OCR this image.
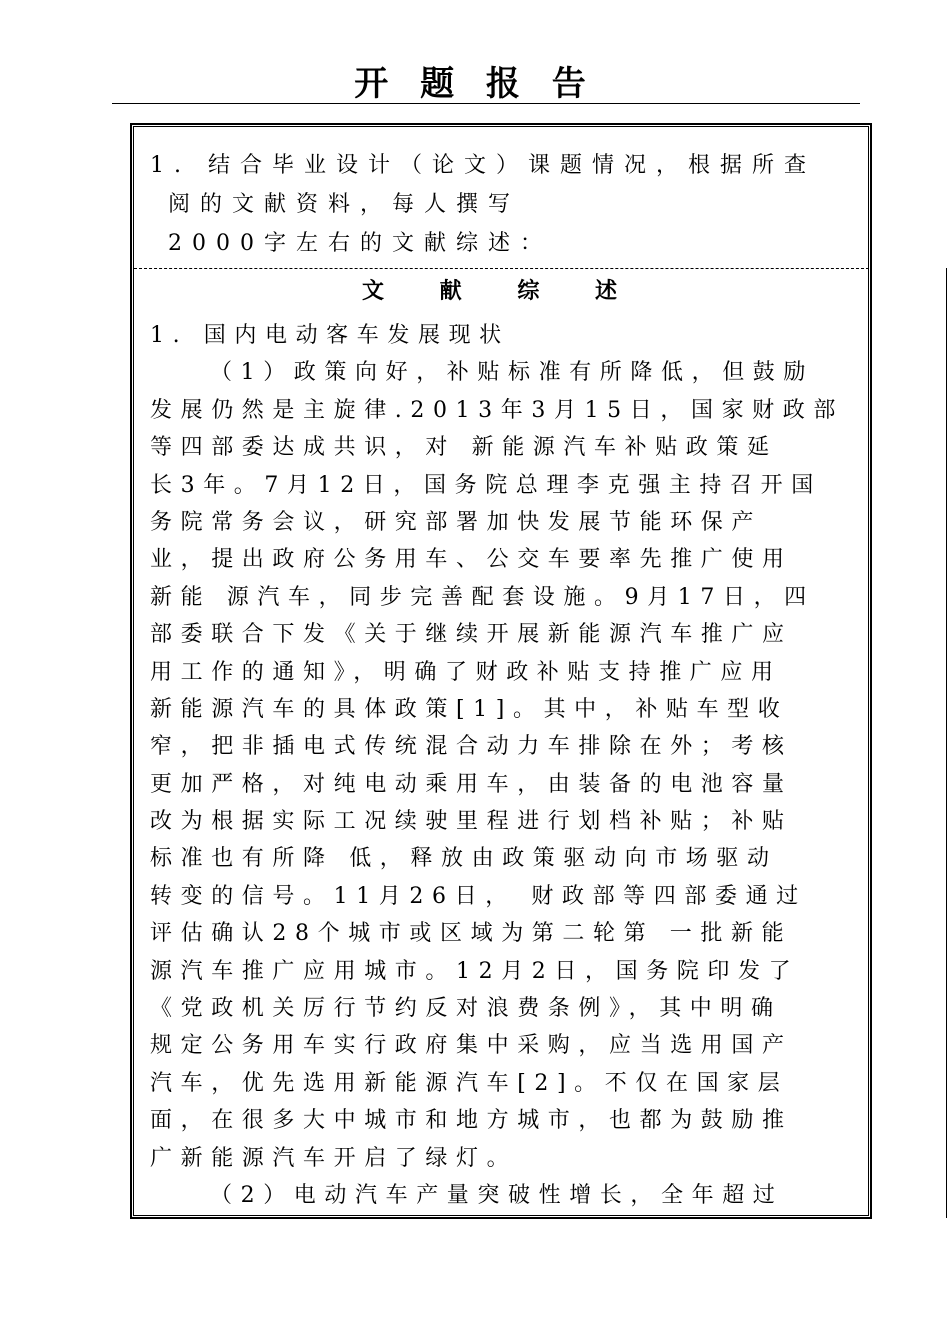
开 题 报 告
1. 结合毕业设计（论文）课题情况，根据所查
阅的文献资料，每人撰写
2000字左右的文献综述：
文 献 综 述
1. 国内电动客车发展现状
（1）政策向好，补贴标准有所降低，但鼓励
发展仍然是主旋律.2013年3月15日，国家财政部
等四部委达成共识，对 新能源汽车补贴政策延
长3年。7月12日，国务院总理李克强主持召开国
务院常务会议，研究部署加快发展节能环保产
业，提出政府公务用车、公交车要率先推广使用
新能 源汽车，同步完善配套设施。9月17日，四
部委联合下发《关于继续开展新能源汽车推广应
用工作的通知》，明确了财政补贴支持推广应用
新能源汽车的具体政策[1]。其中，补贴车型收
窄，把非插电式传统混合动力车排除在外；考核
更加严格，对纯电动乘用车，由装备的电池容量
改为根据实际工况续驶里程进行划档补贴；补贴
标准也有所降 低，释放由政策驱动向市场驱动
转变的信号。11月26日， 财政部等四部委通过
评估确认28个城市或区域为第二轮第 一批新能
源汽车推广应用城市。12月2日，国务院印发了
《党政机关厉行节约反对浪费条例》，其中明确
规定公务用车实行政府集中采购，应当选用国产
汽车，优先选用新能源汽车[2]。不仅在国家层
面，在很多大中城市和地方城市，也都为鼓励推
广新能源汽车开启了绿灯。
（2）电动汽车产量突破性增长，全年超过
